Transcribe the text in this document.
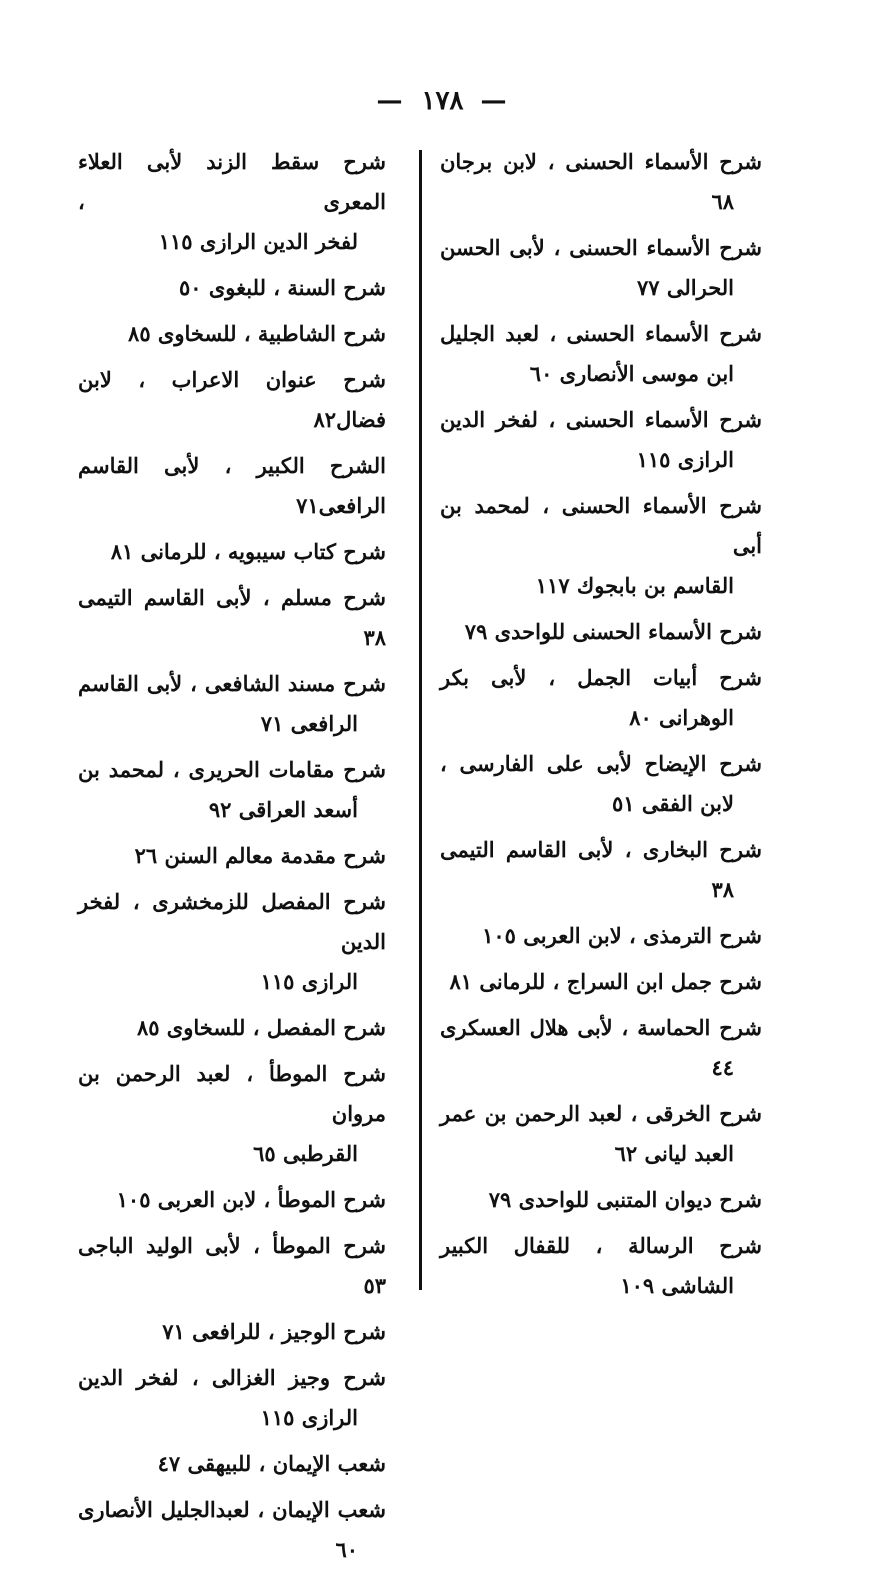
— ١٧٨ —
شرح الأسماء الحسنى ، لابن برجان
٦٨
شرح الأسماء الحسنى ، لأبى الحسن
الحرالى ٧٧
شرح الأسماء الحسنى ، لعبد الجليل
ابن موسى الأنصارى ٦٠
شرح الأسماء الحسنى ، لفخر الدين
الرازى ١١٥
شرح الأسماء الحسنى ، لمحمد بن أبى
القاسم بن بابجوك ١١٧
شرح الأسماء الحسنى للواحدى ٧٩
شرح أبيات الجمل ، لأبى بكر
الوهرانى ٨٠
شرح الإيضاح لأبى على الفارسى ،
لابن الفقى ٥١
شرح البخارى ، لأبى القاسم التيمى
٣٨
شرح الترمذى ، لابن العربى ١٠٥
شرح جمل ابن السراج ، للرمانى ٨١
شرح الحماسة ، لأبى هلال العسكرى
٤٤
شرح الخرقى ، لعبد الرحمن بن عمر
العبد ليانى ٦٢
شرح ديوان المتنبى للواحدى ٧٩
شرح الرسالة ، للقفال الكبير
الشاشى ١٠٩
شرح سقط الزند لأبى العلاء المعرى ،
لفخر الدين الرازى ١١٥
شرح السنة ، للبغوى ٥٠
شرح الشاطبية ، للسخاوى ٨٥
شرح عنوان الاعراب ، لابن فضال٨٢
الشرح الكبير ، لأبى القاسم الرافعى٧١
شرح كتاب سيبويه ، للرمانى ٨١
شرح مسلم ، لأبى القاسم التيمى ٣٨
شرح مسند الشافعى ، لأبى القاسم
الرافعى ٧١
شرح مقامات الحريرى ، لمحمد بن
أسعد العراقى ٩٢
شرح مقدمة معالم السنن ٢٦
شرح المفصل للزمخشرى ، لفخر الدين
الرازى ١١٥
شرح المفصل ، للسخاوى ٨٥
شرح الموطأ ، لعبد الرحمن بن مروان
القرطبى ٦٥
شرح الموطأ ، لابن العربى ١٠٥
شرح الموطأ ، لأبى الوليد الباجى ٥٣
شرح الوجيز ، للرافعى ٧١
شرح وجيز الغزالى ، لفخر الدين
الرازى ١١٥
شعب الإيمان ، للبيهقى ٤٧
شعب الإيمان ، لعبدالجليل الأنصارى
٦٠
